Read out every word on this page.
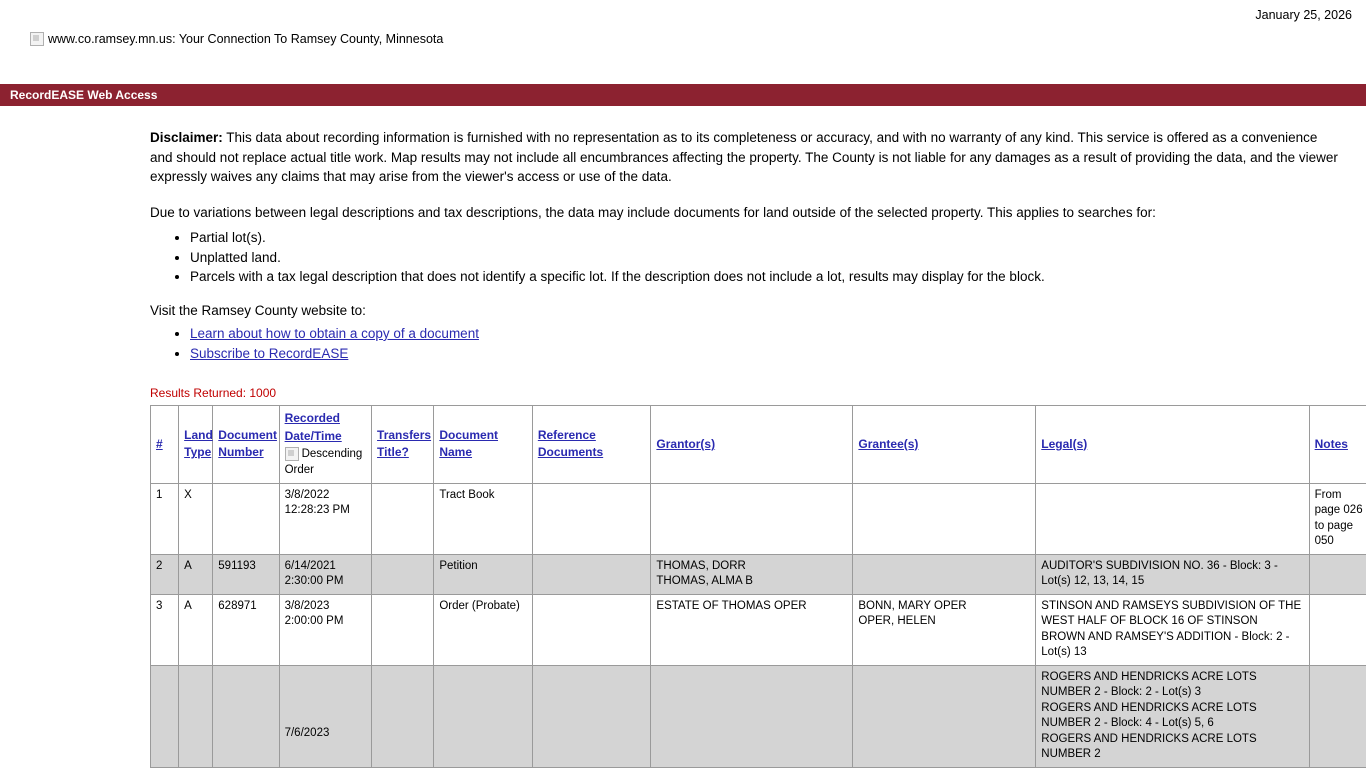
January 25, 2026
www.co.ramsey.mn.us: Your Connection To Ramsey County, Minnesota
RecordEASE Web Access

Disclaimer: This data about recording information is furnished with no representation as to its completeness or accuracy, and with no warranty of any kind. This service is offered as a convenience and should not replace actual title work. Map results may not include all encumbrances affecting the property. The County is not liable for any damages as a result of providing the data, and the viewer expressly waives any claims that may arise from the viewer's access or use of the data.

Due to variations between legal descriptions and tax descriptions, the data may include documents for land outside of the selected property. This applies to searches for:

• Partial lot(s).
• Unplatted land.
• Parcels with a tax legal description that does not identify a specific lot. If the description does not include a lot, results may display for the block.

Visit the Ramsey County website to:

• Learn about how to obtain a copy of a document
• Subscribe to RecordEASE
Results Returned: 1000
#	Land Type	Document Number	Recorded Date/Time
Descending Order	Transfers Title?	Document Name	Reference Documents	Grantor(s)	Grantee(s)	Legal(s)	Notes
1	X		3/8/2022
12:28:23 PM		Tract Book					From page 026 to page 050
2	A	591193	6/14/2021
2:30:00 PM		Petition		THOMAS, DORR
THOMAS, ALMA B		AUDITOR'S SUBDIVISION NO. 36 - Block: 3 - Lot(s) 12, 13, 14, 15	

3	A	628971	3/8/2023
2:00:00 PM		Order (Probate)		ESTATE OF THOMAS OPER	BONN, MARY OPER
OPER, HELEN	STINSON AND RAMSEYS SUBDIVISION OF THE WEST HALF OF BLOCK 16 OF STINSON BROWN AND RAMSEY'S ADDITION - Block: 2 - Lot(s) 13	

			7/6/2023						ROGERS AND HENDRICKS ACRE LOTS NUMBER 2 - Block: 2 - Lot(s) 3
ROGERS AND HENDRICKS ACRE LOTS NUMBER 2 - Block: 4 - Lot(s) 5, 6
ROGERS AND HENDRICKS ACRE LOTS NUMBER 2	
